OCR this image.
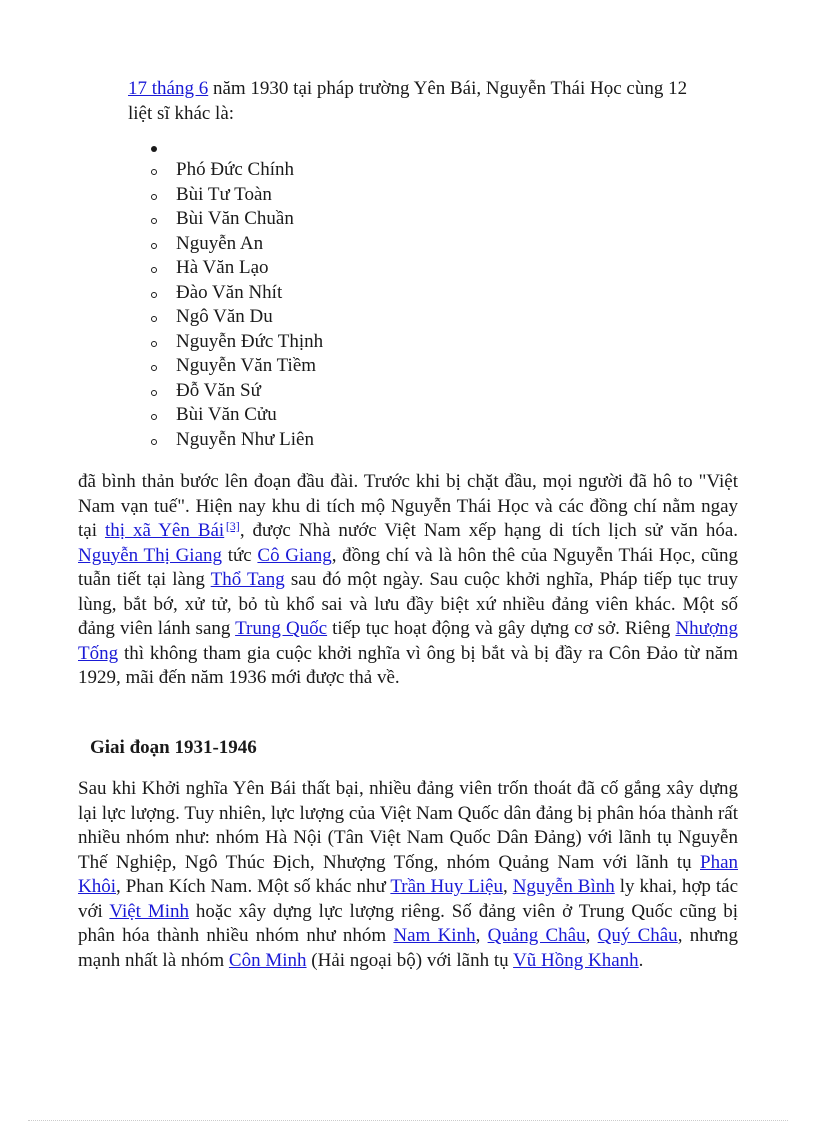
17 tháng 6 năm 1930 tại pháp trường Yên Bái, Nguyễn Thái Học cùng 12 liệt sĩ khác là:

Phó Đức Chính
Bùi Tư Toàn
Bùi Văn Chuần
Nguyễn An
Hà Văn Lạo
Đào Văn Nhít
Ngô Văn Du
Nguyễn Đức Thịnh
Nguyễn Văn Tiềm
Đỗ Văn Sứ
Bùi Văn Cửu
Nguyễn Như Liên

đã bình thản bước lên đoạn đầu đài. Trước khi bị chặt đầu, mọi người đã hô to "Việt Nam vạn tuế". Hiện nay khu di tích mộ Nguyễn Thái Học và các đồng chí nằm ngay tại thị xã Yên Bái  [3], được Nhà nước Việt Nam xếp hạng di tích lịch sử văn hóa. Nguyễn Thị Giang tức Cô Giang, đồng chí và là hôn thê của Nguyễn Thái Học, cũng tuẫn tiết tại làng Thổ Tang sau đó một ngày. Sau cuộc khởi nghĩa, Pháp tiếp tục truy lùng, bắt bớ, xử tử, bỏ tù khổ sai và lưu đầy biệt xứ nhiều đảng viên khác. Một số đảng viên lánh sang Trung Quốc tiếp tục hoạt động và gây dựng cơ sở. Riêng Nhượng Tống thì không tham gia cuộc khởi nghĩa vì ông bị bắt và bị đầy ra Côn Đảo từ năm 1929, mãi đến năm 1936 mới được thả về.

Giai đoạn 1931-1946

Sau khi Khởi nghĩa Yên Bái thất bại, nhiều đảng viên trốn thoát đã cố gắng xây dựng lại lực lượng. Tuy nhiên, lực lượng của Việt Nam Quốc dân đảng bị phân hóa thành rất nhiều nhóm như: nhóm Hà Nội (Tân Việt Nam Quốc Dân Đảng) với lãnh tụ Nguyễn Thế Nghiệp, Ngô Thúc Địch, Nhượng Tống, nhóm Quảng Nam với lãnh tụ Phan Khôi, Phan Kích Nam. Một số khác như Trần Huy Liệu, Nguyễn Bình ly khai, hợp tác với Việt Minh hoặc xây dựng lực lượng riêng. Số đảng viên ở Trung Quốc cũng bị phân hóa thành nhiều nhóm như nhóm Nam Kinh, Quảng Châu, Quý Châu, nhưng mạnh nhất là nhóm Côn Minh (Hải ngoại bộ) với lãnh tụ Vũ Hồng Khanh.
